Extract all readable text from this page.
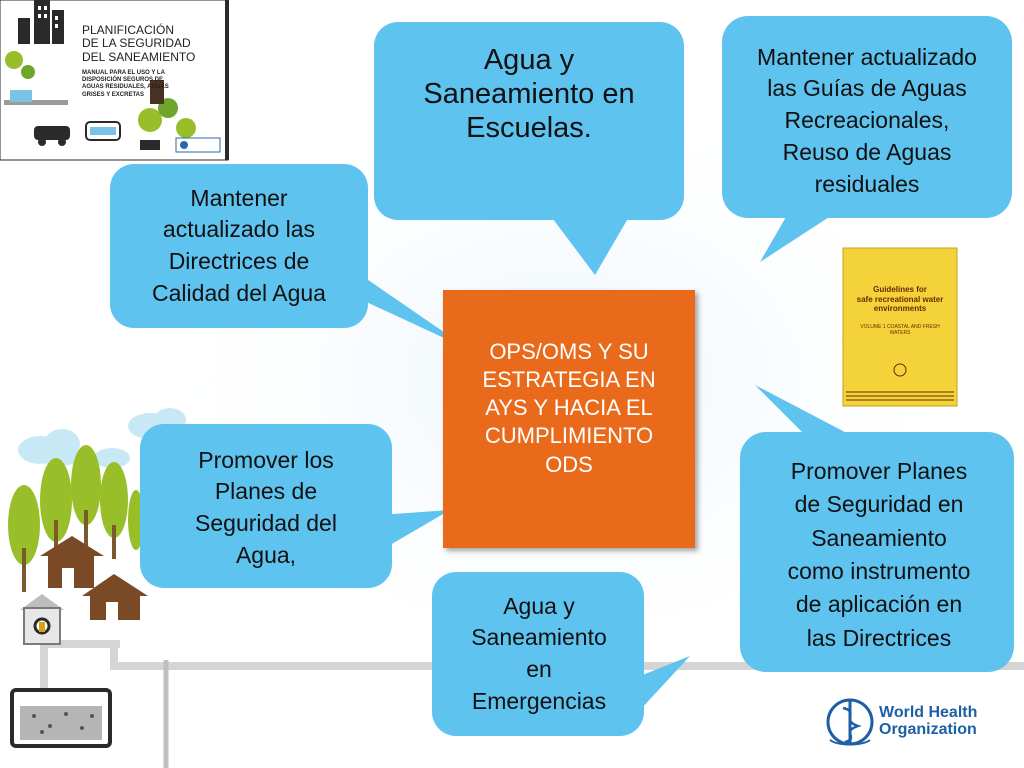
OPS/OMS Y SU
ESTRATEGIA EN
AYS Y HACIA EL
CUMPLIMIENTO
ODS
Agua y
Saneamiento en
Escuelas.
Mantener actualizado
las Guías de Aguas
Recreacionales,
Reuso de Aguas
residuales
Mantener
actualizado las
Directrices de
Calidad del Agua
Promover los
Planes de
Seguridad del
Agua,
Promover Planes
de Seguridad en
Saneamiento
como instrumento
de aplicación en
las Directrices
Agua y
Saneamiento
en
Emergencias
PLANIFICACIÓN
DE LA SEGURIDAD
DEL SANEAMIENTO
MANUAL PARA EL USO Y LA
DISPOSICIÓN SEGUROS DE
AGUAS RESIDUALES, AGUAS
GRISES Y EXCRETAS
Guidelines for
safe recreational water
environments
VOLUME 1 COASTAL AND FRESH WATERS
World Health
Organization
